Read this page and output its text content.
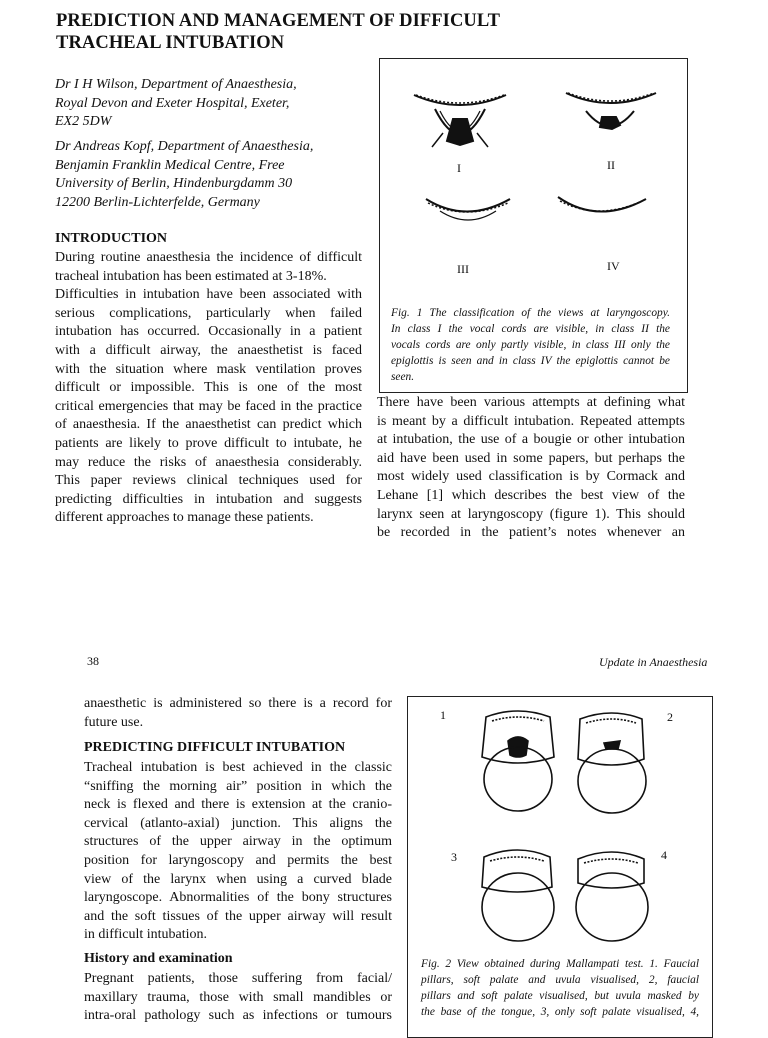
PREDICTION AND MANAGEMENT OF DIFFICULT
TRACHEAL INTUBATION
Dr I H Wilson, Department of Anaesthesia,
Royal Devon and Exeter Hospital, Exeter,
EX2 5DW
Dr Andreas Kopf, Department of Anaesthesia,
Benjamin Franklin Medical Centre, Free
University of Berlin, Hindenburgdamm 30
12200 Berlin-Lichterfelde, Germany
INTRODUCTION
During routine anaesthesia the incidence of difficult
tracheal intubation has been estimated at 3-18%.
Difficulties in intubation have been associated with
serious complications, particularly when failed
intubation has occurred. Occasionally in a patient
with a difficult airway, the anaesthetist is faced
with the situation where mask ventilation proves
difficult or impossible. This is one of the most
critical emergencies that may be faced in the practice
of anaesthesia. If the anaesthetist can predict which
patients are likely to prove difficult to intubate, he
may reduce the risks of anaesthesia considerably.
This paper reviews clinical techniques used for
predicting difficulties in intubation and suggests
different approaches to manage these patients.
I	II
III	IV
Fig. 1 The classification of the views at laryngoscopy.
In class I the vocal cords are visible, in class II the
vocals cords are only partly visible, in class III only the
epiglottis is seen and in class IV the epiglottis cannot be
seen.
There have been various attempts at defining what
is meant by a difficult intubation. Repeated attempts
at intubation, the use of a bougie or other intubation
aid have been used in some papers, but perhaps the
most widely used classification is by Cormack and
Lehane [1] which describes the best view of the
larynx seen at laryngoscopy (figure 1). This should
be recorded in the patient’s notes whenever an
38	Update in Anaesthesia
anaesthetic is administered so there is a record for
future use.
PREDICTING DIFFICULT INTUBATION
Tracheal intubation is best achieved in the classic
“sniffing the morning air” position in which the
neck is flexed and there is extension at the cranio-
cervical (atlanto-axial) junction. This aligns the
structures of the upper airway in the optimum
position for laryngoscopy and permits the best
view of the larynx when using a curved blade
laryngoscope. Abnormalities of the bony structures
and the soft tissues of the upper airway will result
in difficult intubation.
History and examination
Pregnant patients, those suffering from facial/
maxillary trauma, those with small mandibles or
intra-oral pathology such as infections or tumours
1	2
3	4
Fig. 2 View obtained during Mallampati test. 1. Faucial
pillars, soft palate and uvula visualised, 2, faucial
pillars and soft palate visualised, but uvula masked by
the base of the tongue, 3, only soft palate visualised, 4,
